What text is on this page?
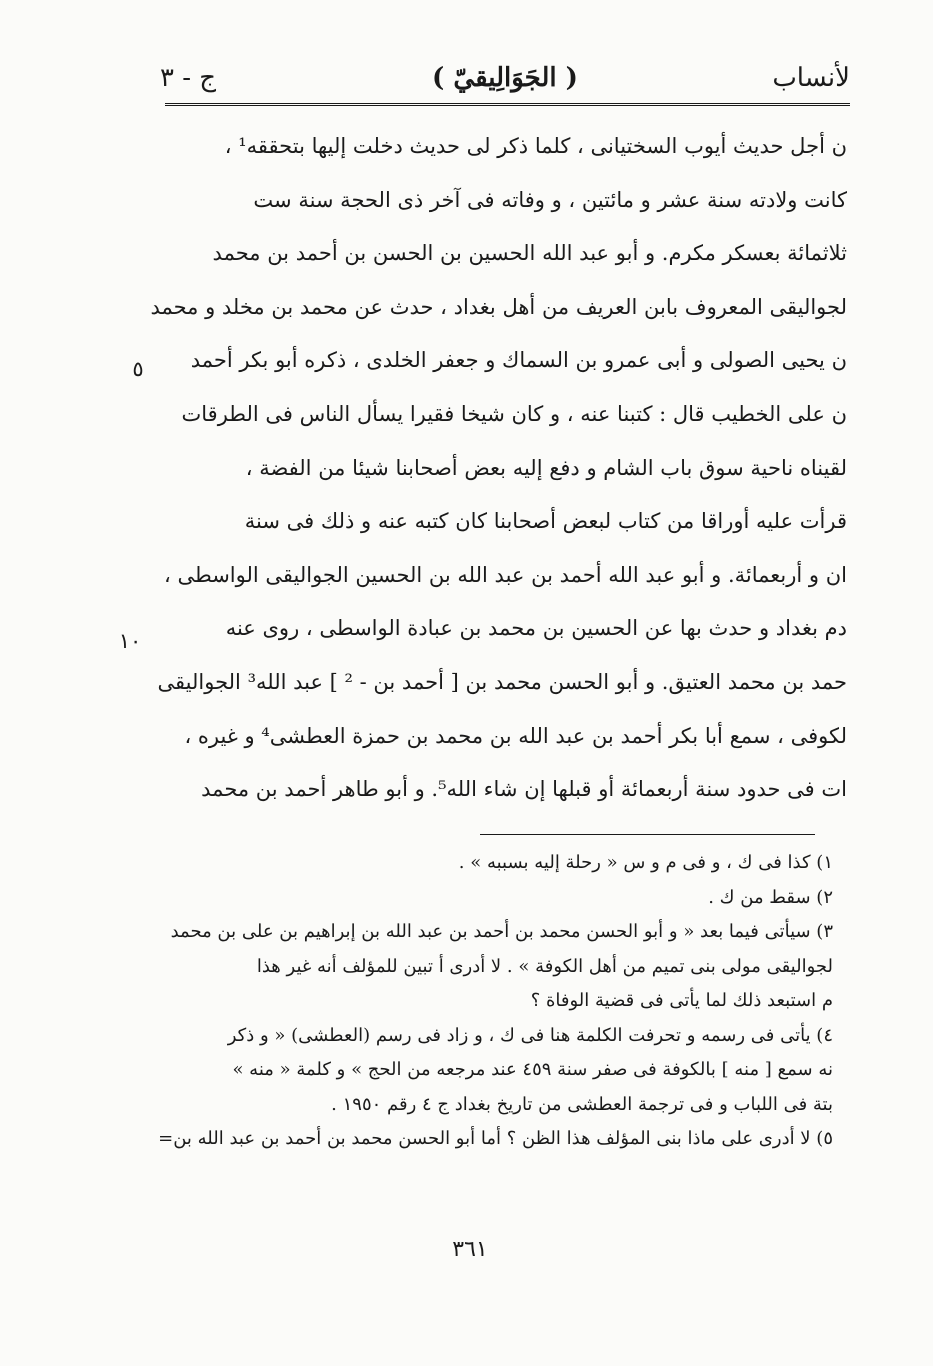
لأنساب
( الجَوَالِيقيّ )
ج - ٣
ن أجل حديث أيوب السختيانى ، كلما ذكر لى حديث دخلت إليها بتحققه¹ ،
كانت ولادته سنة عشر و مائتين ، و وفاته فى آخر ذى الحجة سنة ست
ثلاثمائة بعسكر مكرم. و أبو عبد الله الحسين بن الحسن بن أحمد بن محمد
لجواليقى المعروف بابن العريف من أهل بغداد ، حدث عن محمد بن مخلد و محمد
ن يحيى الصولى و أبى عمرو بن السماك و جعفر الخلدى ، ذكره أبو بكر أحمد
ن على الخطيب قال : كتبنا عنه ، و كان شيخا فقيرا يسأل الناس فى الطرقات
لقيناه ناحية سوق باب الشام و دفع إليه بعض أصحابنا شيئا من الفضة ،
قرأت عليه أوراقا من كتاب لبعض أصحابنا كان كتبه عنه و ذلك فى سنة
ان و أربعمائة. و أبو عبد الله أحمد بن عبد الله بن الحسين الجواليقى الواسطى ،
دم بغداد و حدث بها عن الحسين بن محمد بن عبادة الواسطى ، روى عنه
حمد بن محمد العتيق. و أبو الحسن محمد بن [ أحمد بن - ² ] عبد الله³ الجواليقى
لكوفى ، سمع أبا بكر أحمد بن عبد الله بن محمد بن حمزة العطشى⁴ و غيره ،
ات فى حدود سنة أربعمائة أو قبلها إن شاء الله⁵. و أبو طاهر أحمد بن محمد
٥
١٠
١) كذا فى ك ، و فى م و س « رحلة إليه بسببه » .
٢) سقط من ك .
٣) سيأتى فيما بعد « و أبو الحسن محمد بن أحمد بن عبد الله بن إبراهيم بن على بن محمد
لجواليقى مولى بنى تميم من أهل الكوفة » . لا أدرى أ تبين للمؤلف أنه غير هذا
م استبعد ذلك لما يأتى فى قضية الوفاة ؟
٤) يأتى فى رسمه و تحرفت الكلمة هنا فى ك ، و زاد فى رسم (العطشى) « و ذكر
نه سمع [ منه ] بالكوفة فى صفر سنة ٤٥٩ عند مرجعه من الحج » و كلمة « منه »
بتة فى اللباب و فى ترجمة العطشى من تاريخ بغداد ج ٤ رقم ١٩٥٠ .
٥) لا أدرى على ماذا بنى المؤلف هذا الظن ؟ أما أبو الحسن محمد بن أحمد بن عبد الله بن=
٣٦١
